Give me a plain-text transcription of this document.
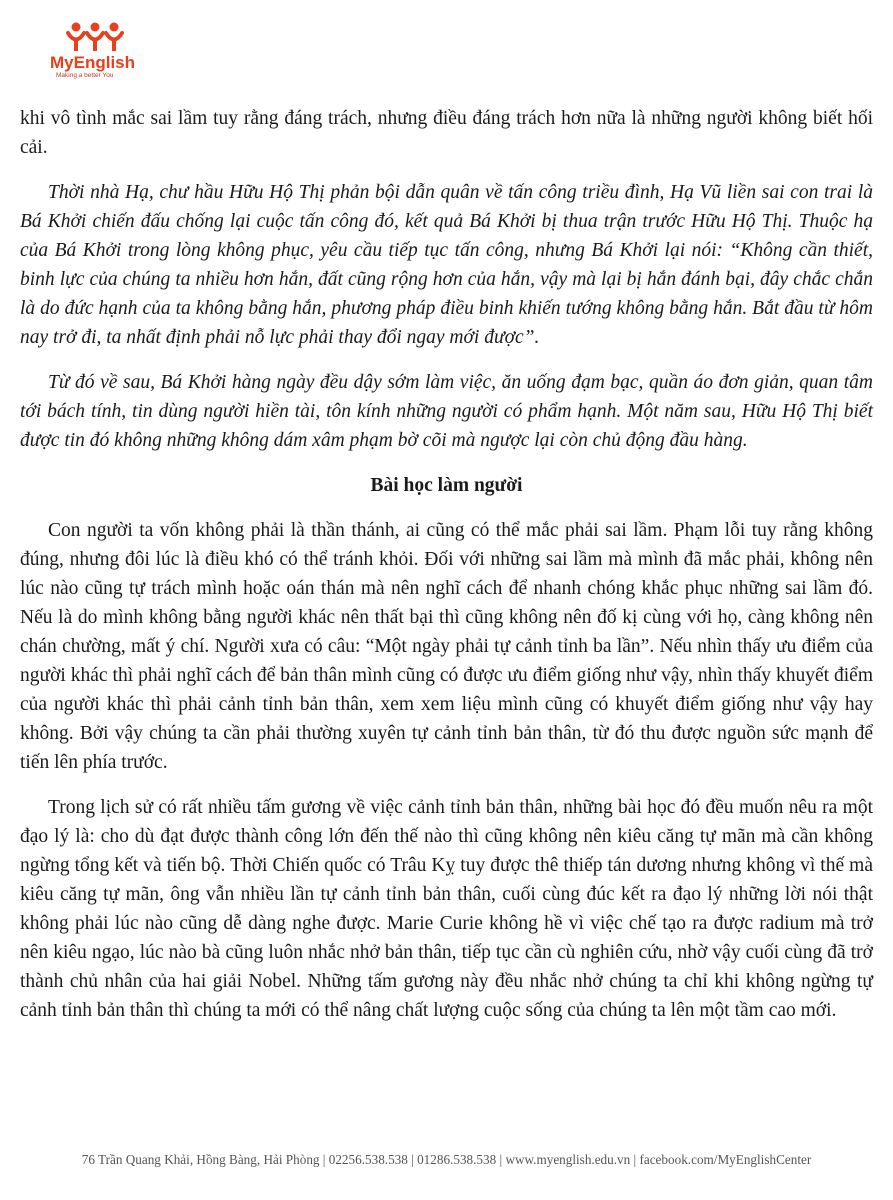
MyEnglish
Making a better You

khi vô tình mắc sai lầm tuy rằng đáng trách, nhưng điều đáng trách hơn nữa là những người không biết hối cải.

Thời nhà Hạ, chư hầu Hữu Hộ Thị phản bội dẫn quân về tấn công triều đình, Hạ Vũ liền sai con trai là Bá Khởi chiến đấu chống lại cuộc tấn công đó, kết quả Bá Khởi bị thua trận trước Hữu Hộ Thị. Thuộc hạ của Bá Khởi trong lòng không phục, yêu cầu tiếp tục tấn công, nhưng Bá Khởi lại nói: “Không cần thiết, binh lực của chúng ta nhiều hơn hắn, đất cũng rộng hơn của hắn, vậy mà lại bị hắn đánh bại, đây chắc chắn là do đức hạnh của ta không bằng hắn, phương pháp điều binh khiến tướng không bằng hắn. Bắt đầu từ hôm nay trở đi, ta nhất định phải nỗ lực phải thay đổi ngay mới được”.

Từ đó về sau, Bá Khởi hàng ngày đều dậy sớm làm việc, ăn uống đạm bạc, quần áo đơn giản, quan tâm tới bách tính, tin dùng người hiền tài, tôn kính những người có phẩm hạnh. Một năm sau, Hữu Hộ Thị biết được tin đó không những không dám xâm phạm bờ cõi mà ngược lại còn chủ động đầu hàng.

Bài học làm người

Con người ta vốn không phải là thần thánh, ai cũng có thể mắc phải sai lầm. Phạm lỗi tuy rằng không đúng, nhưng đôi lúc là điều khó có thể tránh khỏi. Đối với những sai lầm mà mình đã mắc phải, không nên lúc nào cũng tự trách mình hoặc oán thán mà nên nghĩ cách để nhanh chóng khắc phục những sai lầm đó. Nếu là do mình không bằng người khác nên thất bại thì cũng không nên đố kị cùng với họ, càng không nên chán chường, mất ý chí. Người xưa có câu: “Một ngày phải tự cảnh tỉnh ba lần”. Nếu nhìn thấy ưu điểm của người khác thì phải nghĩ cách để bản thân mình cũng có được ưu điểm giống như vậy, nhìn thấy khuyết điểm của người khác thì phải cảnh tỉnh bản thân, xem xem liệu mình cũng có khuyết điểm giống như vậy hay không. Bởi vậy chúng ta cần phải thường xuyên tự cảnh tỉnh bản thân, từ đó thu được nguồn sức mạnh để tiến lên phía trước.

Trong lịch sử có rất nhiều tấm gương về việc cảnh tỉnh bản thân, những bài học đó đều muốn nêu ra một đạo lý là: cho dù đạt được thành công lớn đến thế nào thì cũng không nên kiêu căng tự mãn mà cần không ngừng tổng kết và tiến bộ. Thời Chiến quốc có Trâu Kỵ tuy được thê thiếp tán dương nhưng không vì thế mà kiêu căng tự mãn, ông vẫn nhiều lần tự cảnh tỉnh bản thân, cuối cùng đúc kết ra đạo lý những lời nói thật không phải lúc nào cũng dễ dàng nghe được. Marie Curie không hề vì việc chế tạo ra được radium mà trở nên kiêu ngạo, lúc nào bà cũng luôn nhắc nhở bản thân, tiếp tục cần cù nghiên cứu, nhờ vậy cuối cùng đã trở thành chủ nhân của hai giải Nobel. Những tấm gương này đều nhắc nhở chúng ta chỉ khi không ngừng tự cảnh tỉnh bản thân thì chúng ta mới có thể nâng chất lượng cuộc sống của chúng ta lên một tầm cao mới.

76 Trần Quang Khải, Hồng Bàng, Hải Phòng | 02256.538.538 | 01286.538.538 | www.myenglish.edu.vn | facebook.com/MyEnglishCenter
